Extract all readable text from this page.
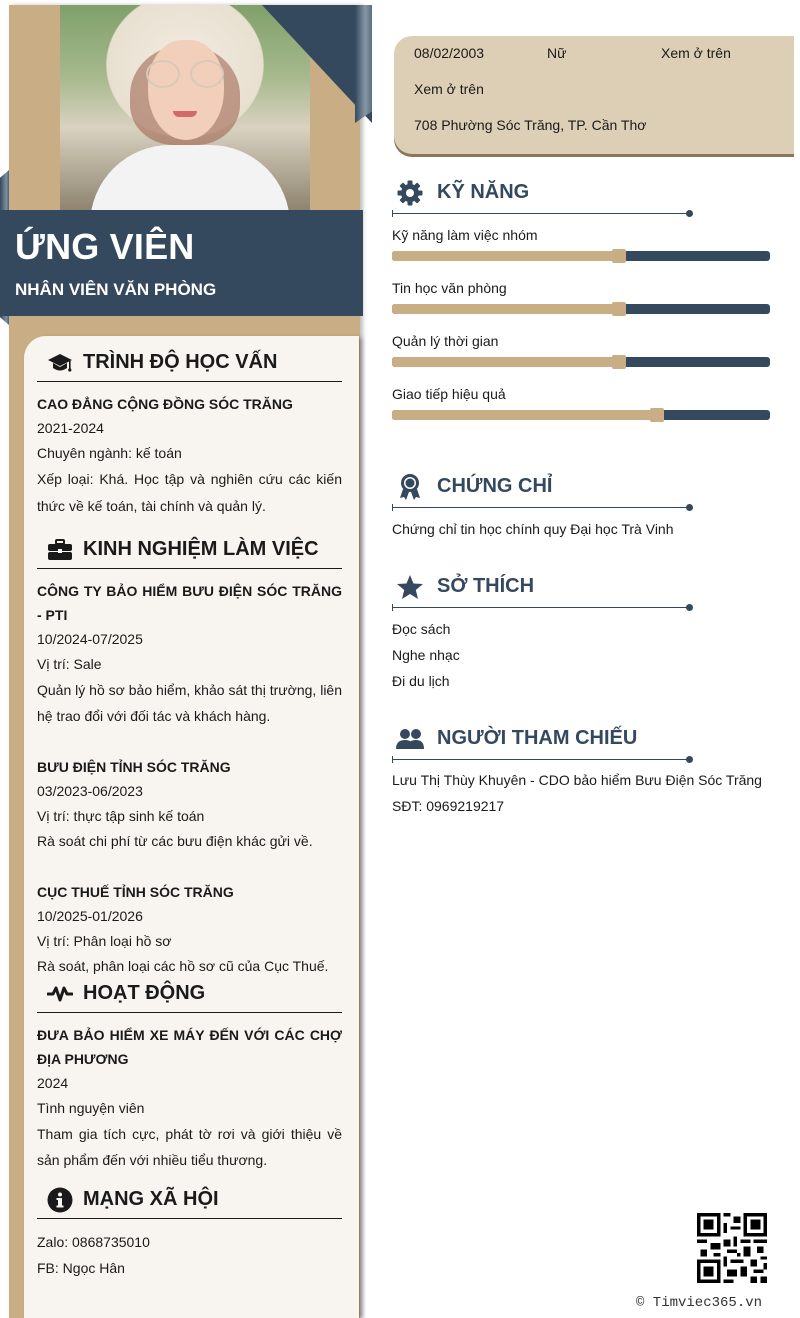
ỨNG VIÊN
NHÂN VIÊN VĂN PHÒNG
TRÌNH ĐỘ HỌC VẤN
CAO ĐẲNG CỘNG ĐỒNG SÓC TRĂNG
2021-2024
Chuyên ngành: kế toán
Xếp loại: Khá. Học tập và nghiên cứu các kiến thức về kế toán, tài chính và quản lý.
KINH NGHIỆM LÀM VIỆC
CÔNG TY BẢO HIỂM BƯU ĐIỆN SÓC TRĂNG - PTI
10/2024-07/2025
Vị trí: Sale
Quản lý hồ sơ bảo hiểm, khảo sát thị trường, liên hệ trao đổi với đối tác và khách hàng.
BƯU ĐIỆN TỈNH SÓC TRĂNG
03/2023-06/2023
Vị trí: thực tập sinh kế toán
Rà soát chi phí từ các bưu điện khác gửi về.
CỤC THUẾ TỈNH SÓC TRĂNG
10/2025-01/2026
Vị trí: Phân loại hồ sơ
Rà soát, phân loại các hồ sơ cũ của Cục Thuế.
HOẠT ĐỘNG
ĐƯA BẢO HIỂM XE MÁY ĐẾN VỚI CÁC CHỢ ĐỊA PHƯƠNG
2024
Tình nguyện viên
Tham gia tích cực, phát tờ rơi và giới thiệu về sản phẩm đến với nhiều tiểu thương.
MẠNG XÃ HỘI
Zalo: 0868735010
FB: Ngọc Hân
08/02/2003	Nữ	Xem ở trên
Xem ở trên
708 Phường Sóc Trăng, TP. Cần Thơ
KỸ NĂNG
Kỹ năng làm việc nhóm
Tin học văn phòng
Quản lý thời gian
Giao tiếp hiệu quả
CHỨNG CHỈ
Chứng chỉ tin học chính quy Đại học Trà Vinh
SỞ THÍCH
Đọc sách
Nghe nhạc
Đi du lịch
NGƯỜI THAM CHIẾU
Lưu Thị Thùy Khuyên - CDO bảo hiểm Bưu Điện Sóc Trăng
SĐT: 0969219217
© Timviec365.vn
